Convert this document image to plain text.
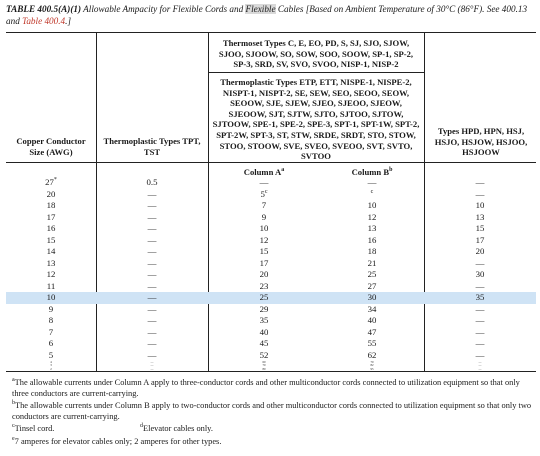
TABLE 400.5(A)(1) Allowable Ampacity for Flexible Cords and Flexible Cables [Based on Ambient Temperature of 30°C (86°F). See 400.13 and Table 400.4.]
Thermoset Types C, E, EO, PD, S, SJ, SJO, SJOW, SJOO, SJOOW, SO, SOW, SOO, SOOW, SP-1, SP-2, SP-3, SRD, SV, SVO, SVOO, NISP-1, NISP-2
Thermoplastic Types ETP, ETT, NISPE-1, NISPE-2, NISPT-1, NISPT-2, SE, SEW, SEO, SEOO, SEOW, SEOOW, SJE, SJEW, SJEO, SJEOO, SJEOW, SJEOOW, SJT, SJTW, SJTO, SJTOO, SJTOW, SJTOOW, SPE-1, SPE-2, SPE-3, SPT-1, SPT-1W, SPT-2, SPT-2W, SPT-3, ST, STW, SRDE, SRDT, STO, STOW, STOO, STOOW, SVE, SVEO, SVEOO, SVT, SVTO, SVTOO
Copper Conductor Size (AWG)
Thermoplastic Types TPT, TST
Types HPD, HPN, HSJ, HSJO, HSJOW, HSJOO, HSJOOW
Column $A^a$	Column $B^b$
27*	0.5	—	—	—
20	—	5$^c$	$^c$	—
18	—	7	10	10
17	—	9	12	13
16	—	10	13	15
15	—	12	16	17
14	—	15	18	20
13	—	17	21	—
12	—	20	25	30
11	—	23	27	—
10	—	25	30	35
9	—	29	34	—
8	—	35	40	—
7	—	40	47	—
6	—	45	55	—
5	—	52	62	—
4	—	60	70	—
3	—	70	82	—
2	—	80	95	—
$^a$The allowable currents under Column A apply to three-conductor cords and other multiconductor cords connected to utilization equipment so that only three conductors are current-carrying.
$^b$The allowable currents under Column B apply to two-conductor cords and other multiconductor cords connected to utilization equipment so that only two conductors are current-carrying.
$^c$Tinsel cord.	$^d$Elevator cables only.
$^e$7 amperes for elevator cables only; 2 amperes for other types.
